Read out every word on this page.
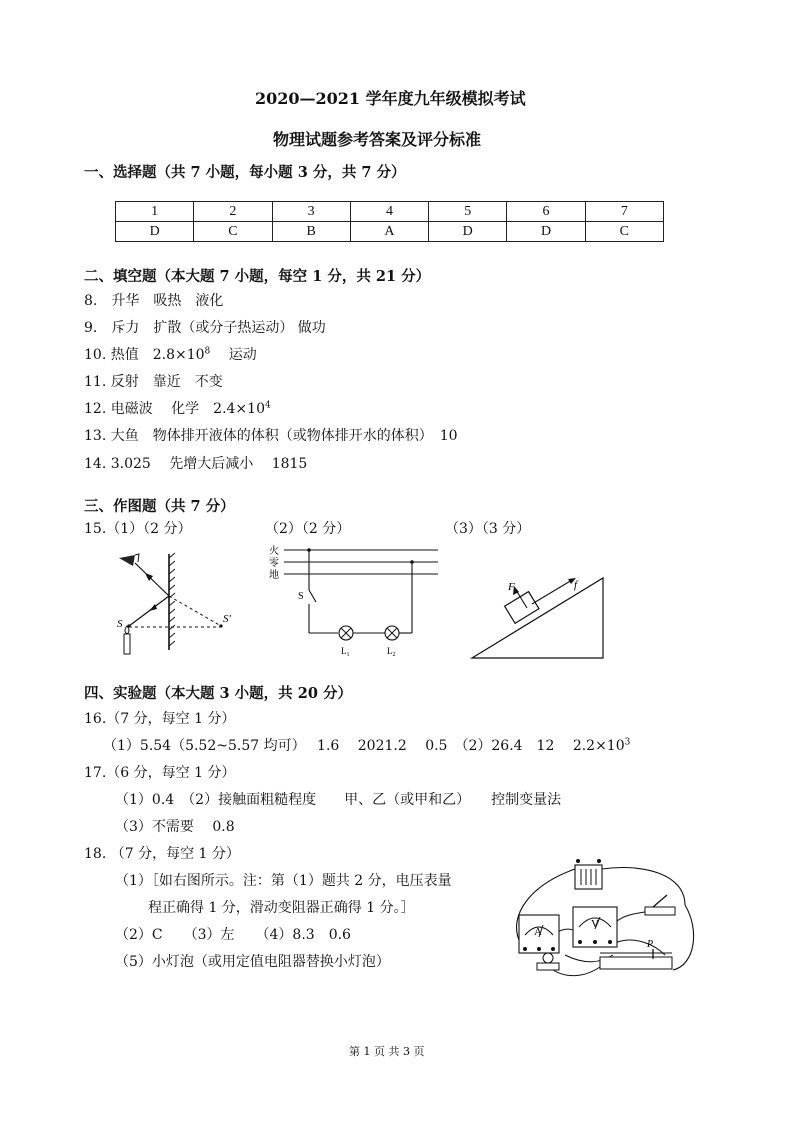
2020—2021 学年度九年级模拟考试
物理试题参考答案及评分标准
一、选择题（共 7 小题，每小题 3 分，共 7 分）
1	2	3	4	5	6	7
D	C	B	A	D	D	C
二、填空题（本大题 7 小题，每空 1 分，共 21 分）
8.　升华　吸热　液化
9.　斥力　扩散（或分子热运动） 做功
10. 热值　$2.8\times 10^8$　 运动
11. 反射　靠近　不变
12. 电磁波　 化学　$2.4\times 10^4$
13. 大鱼　物体排开液体的体积（或物体排开水的体积）　10
14. 3.025　 先增大后减小　 1815
三、作图题（共 7 分）
15.（1）（2 分）	（2）（2 分）	（3）（3 分）
S	S'
火
零
地
S
$L_1$	$L_2$
F	f
四、实验题（本大题 3 小题，共 20 分）
16.（7 分，每空 1 分）
（1）5.54（5.52~5.57 均可）　 1.6　 2021.2　 0.5　（2）26.4　12　 $2.2\times 10^3$
17.（6 分，每空 1 分）
（1）0.4　（2）接触面粗糙程度　　甲、乙（或甲和乙）　　控制变量法
（3）不需要　 0.8
18. （7 分，每空 1 分）
（1）［如右图所示。注：第（1）题共 2 分，电压表量
程正确得 1 分，滑动变阻器正确得 1 分。］
（2）C　　（3）左　　（4）8.3　0.6
（5）小灯泡（或用定值电阻器替换小灯泡）
A
V
P
第 1 页 共 3 页
